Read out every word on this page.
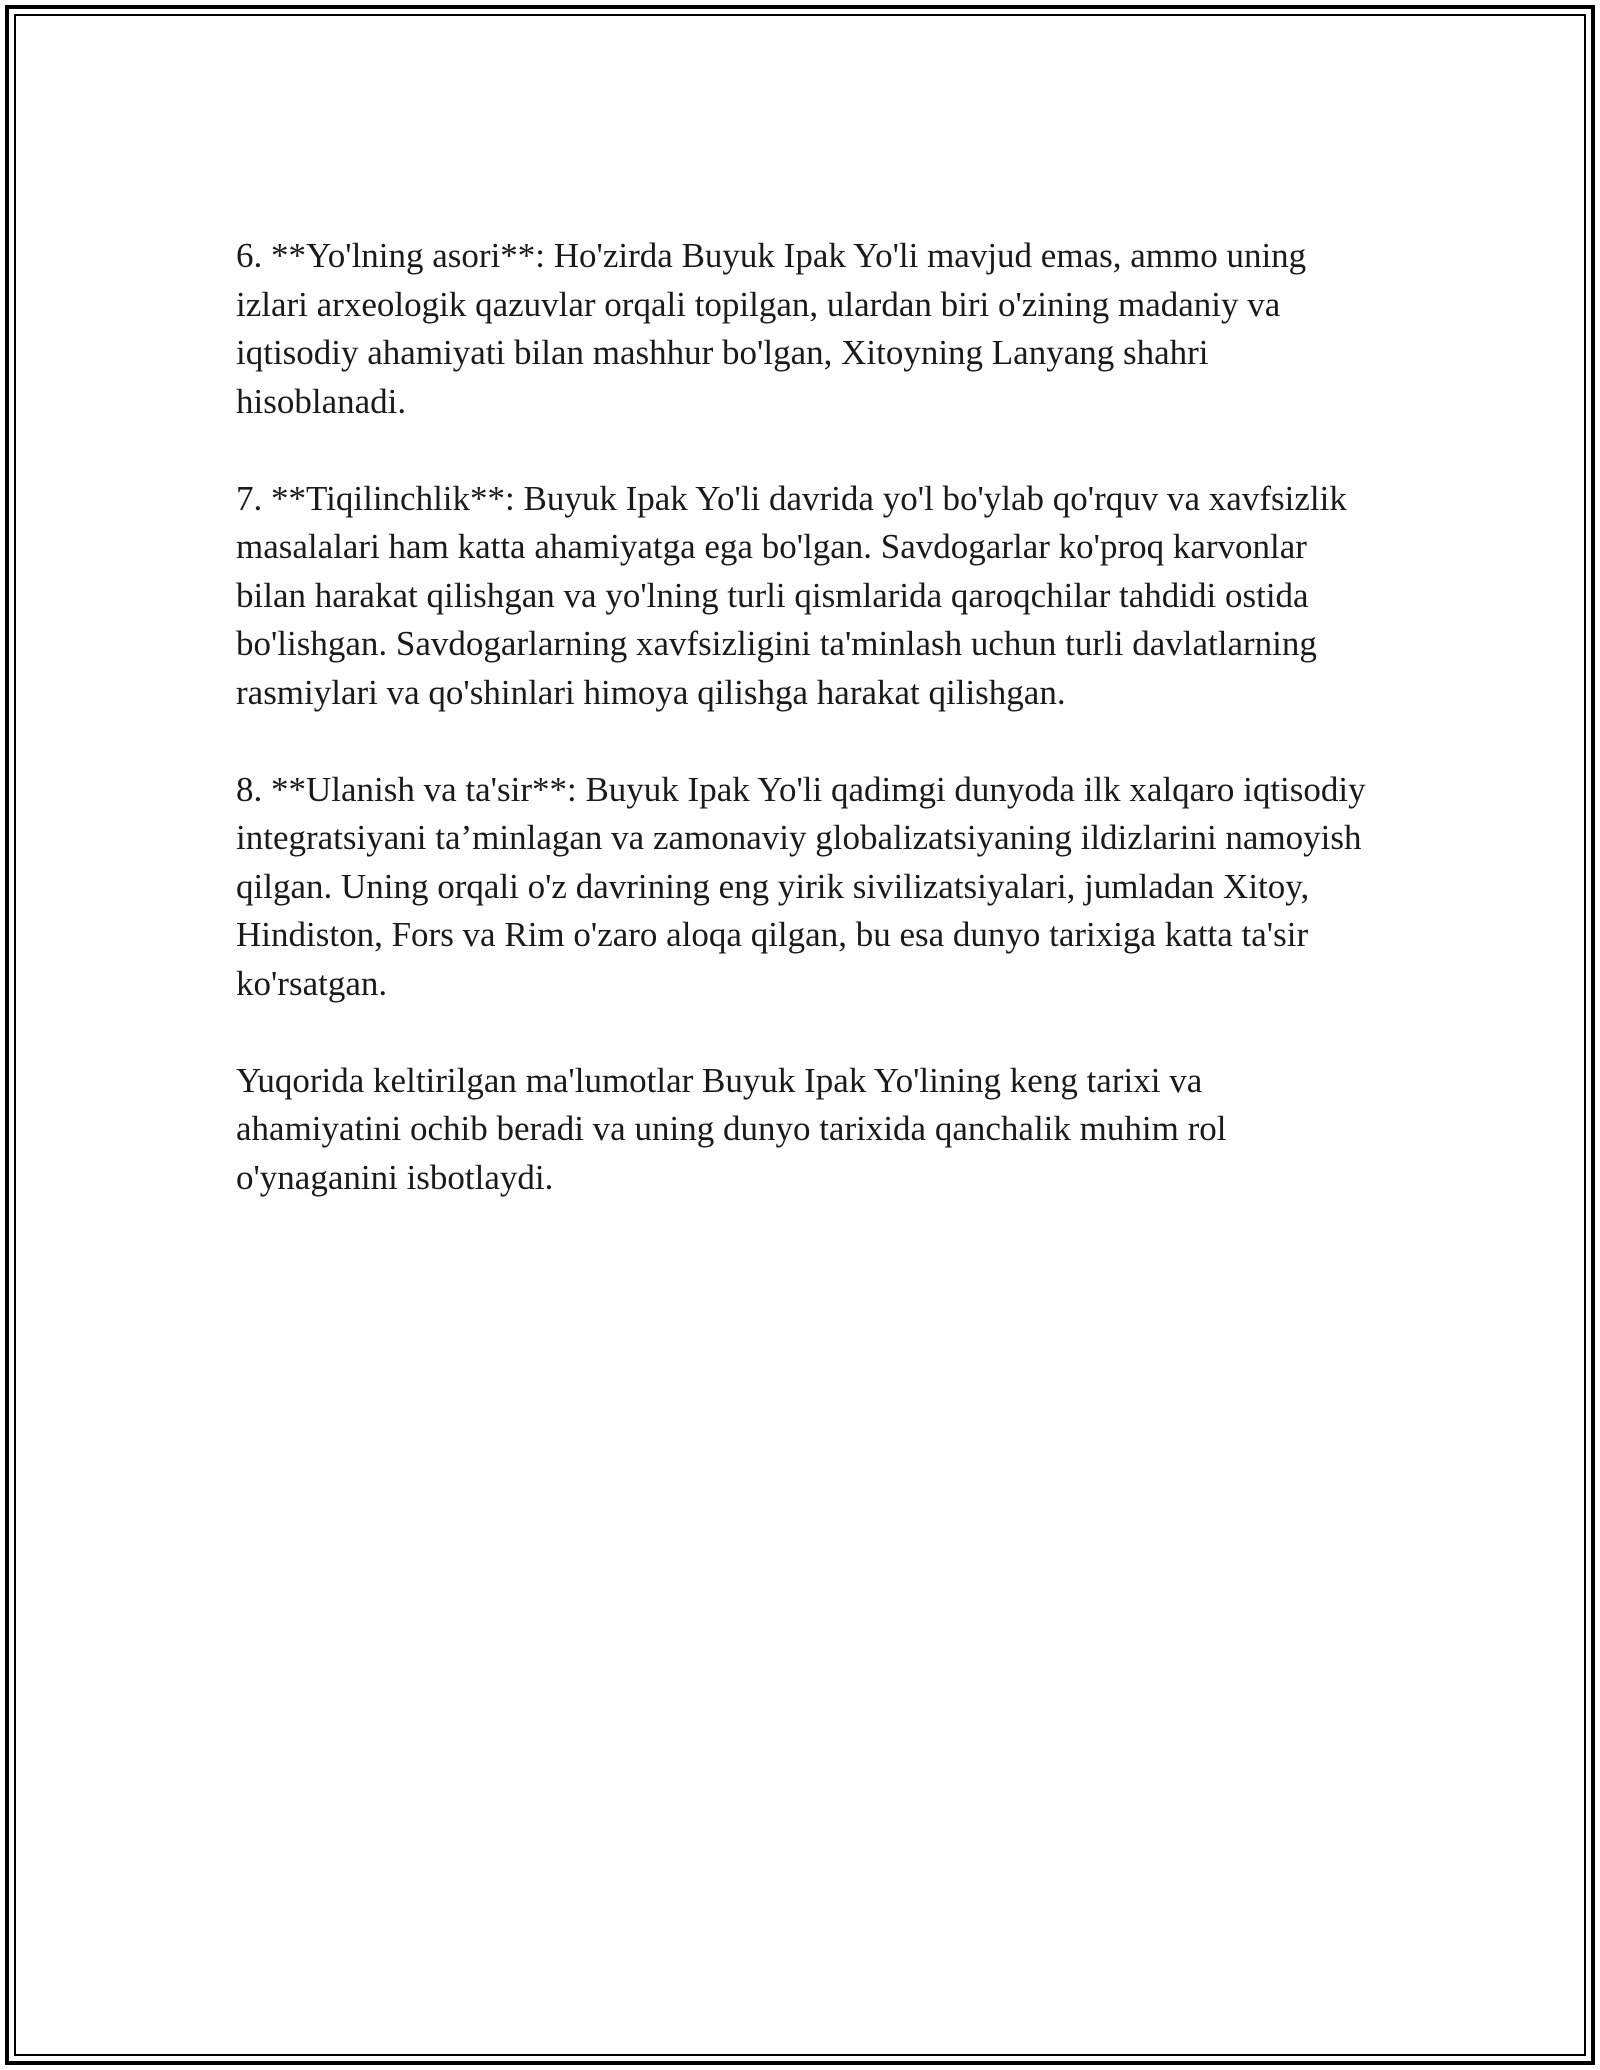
6. **Yo'lning asori**: Ho'zirda Buyuk Ipak Yo'li mavjud emas, ammo uning izlari arxeologik qazuvlar orqali topilgan, ulardan biri o'zining madaniy va iqtisodiy ahamiyati bilan mashhur bo'lgan, Xitoyning Lanyang shahri hisoblanadi.

7. **Tiqilinchlik**: Buyuk Ipak Yo'li davrida yo'l bo'ylab qo'rquv va xavfsizlik masalalari ham katta ahamiyatga ega bo'lgan. Savdogarlar ko'proq karvonlar bilan harakat qilishgan va yo'lning turli qismlarida qaroqchilar tahdidi ostida bo'lishgan. Savdogarlarning xavfsizligini ta'minlash uchun turli davlatlarning rasmiylari va qo'shinlari himoya qilishga harakat qilishgan.

8. **Ulanish va ta'sir**: Buyuk Ipak Yo'li qadimgi dunyoda ilk xalqaro iqtisodiy integratsiyani ta’minlagan va zamonaviy globalizatsiyaning ildizlarini namoyish qilgan. Uning orqali o'z davrining eng yirik sivilizatsiyalari, jumladan Xitoy, Hindiston, Fors va Rim o'zaro aloqa qilgan, bu esa dunyo tarixiga katta ta'sir ko'rsatgan.

Yuqorida keltirilgan ma'lumotlar Buyuk Ipak Yo'lining keng tarixi va ahamiyatini ochib beradi va uning dunyo tarixida qanchalik muhim rol o'ynaganini isbotlaydi.
